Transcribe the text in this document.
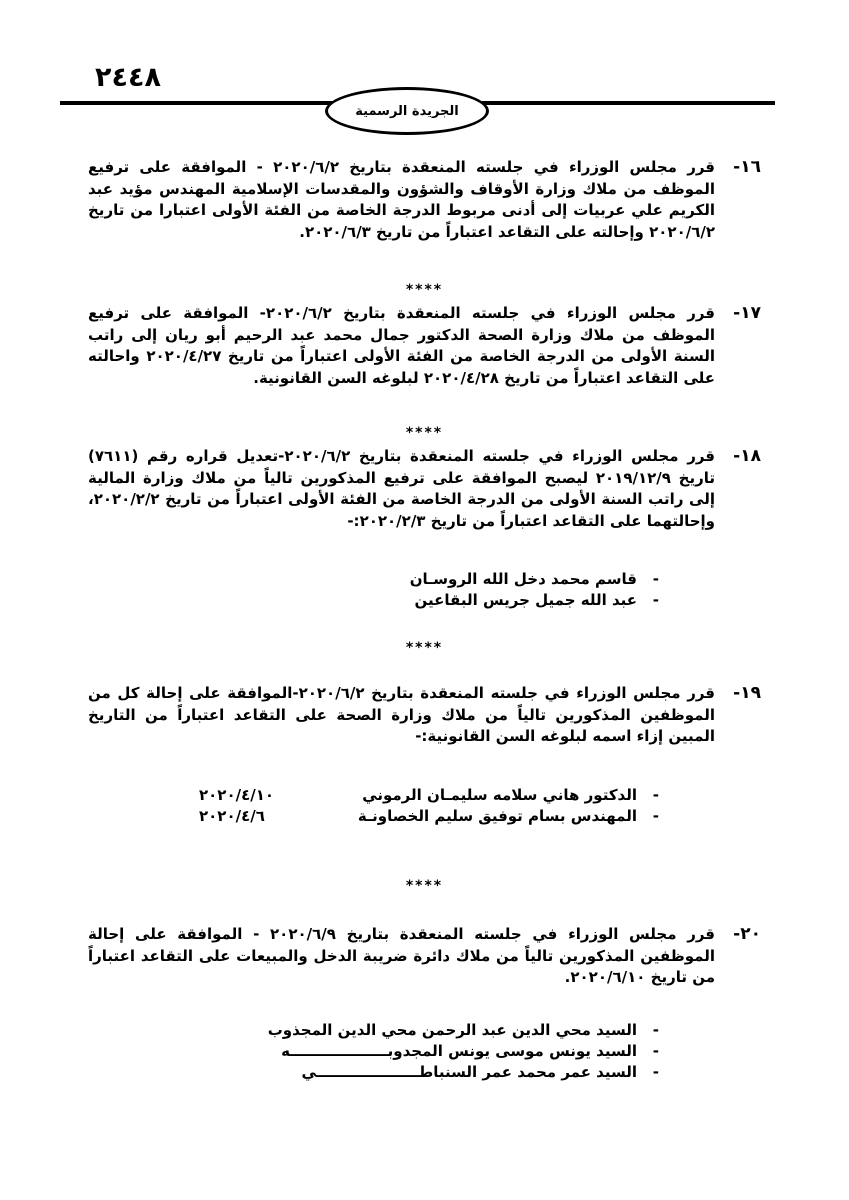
٢٤٤٨
الجريدة الرسمية
١٦-
قرر مجلس الوزراء في جلسته المنعقدة بتاريخ ٢٠٢٠/٦/٢ - الموافقة على ترفيع الموظف من ملاك وزارة الأوقاف والشؤون والمقدسات الإسلامية المهندس مؤيد عبد الكريم علي عربيات إلى أدنى مربوط الدرجة الخاصة من الفئة الأولى اعتبارا من تاريخ ٢٠٢٠/٦/٢ وإحالته على التقاعد اعتباراً من تاريخ ٢٠٢٠/٦/٣.
****
١٧-
قرر مجلس الوزراء في جلسته المنعقدة بتاريخ ٢٠٢٠/٦/٢- الموافقة على ترفيع الموظف من ملاك وزارة الصحة الدكتور جمال محمد عبد الرحيم أبو ريان إلى راتب السنة الأولى من الدرجة الخاصة من الفئة الأولى اعتباراً من تاريخ ٢٠٢٠/٤/٢٧ واحالته على التقاعد اعتباراً من تاريخ ٢٠٢٠/٤/٢٨ لبلوغه السن القانونية.
****
١٨-
قرر مجلس الوزراء في جلسته المنعقدة بتاريخ ٢٠٢٠/٦/٢-تعديل قراره رقم (٧٦١١) تاريخ ٢٠١٩/١٢/٩ ليصبح الموافقة على ترفيع المذكورين تالياً من ملاك وزارة المالية إلى راتب السنة الأولى من الدرجة الخاصة من الفئة الأولى اعتباراً من تاريخ ٢٠٢٠/٢/٢، وإحالتهما على التقاعد اعتباراً من تاريخ ٢٠٢٠/٢/٣:-
-قاسم محمد دخل الله الروسـان
-عبد الله جميل جريس البقاعين
****
١٩-
قرر مجلس الوزراء في جلسته المنعقدة بتاريخ ٢٠٢٠/٦/٢-الموافقة على إحالة كل من الموظفين المذكورين تالياً من ملاك وزارة الصحة على التقاعد اعتباراً من التاريخ المبين إزاء اسمه لبلوغه السن القانونية:-
-الدكتور هاني سلامه سليمـان الرموني
٢٠٢٠/٤/١٠
-المهندس بسام توفيق سليم الخصاونـة
٢٠٢٠/٤/٦
****
٢٠-
قرر مجلس الوزراء في جلسته المنعقدة بتاريخ ٢٠٢٠/٦/٩ - الموافقة على إحالة الموظفين المذكورين تالياً من ملاك دائرة ضريبة الدخل والمبيعات على التقاعد اعتباراً من تاريخ ٢٠٢٠/٦/١٠.
-السيد محي الدين عبد الرحمن محي الدين المجذوب
-السيد يونس موسى يونس المجدوبـــــــــــــــــــه
-السيد عمر محمد عمر السنباطــــــــــــــــــــي
